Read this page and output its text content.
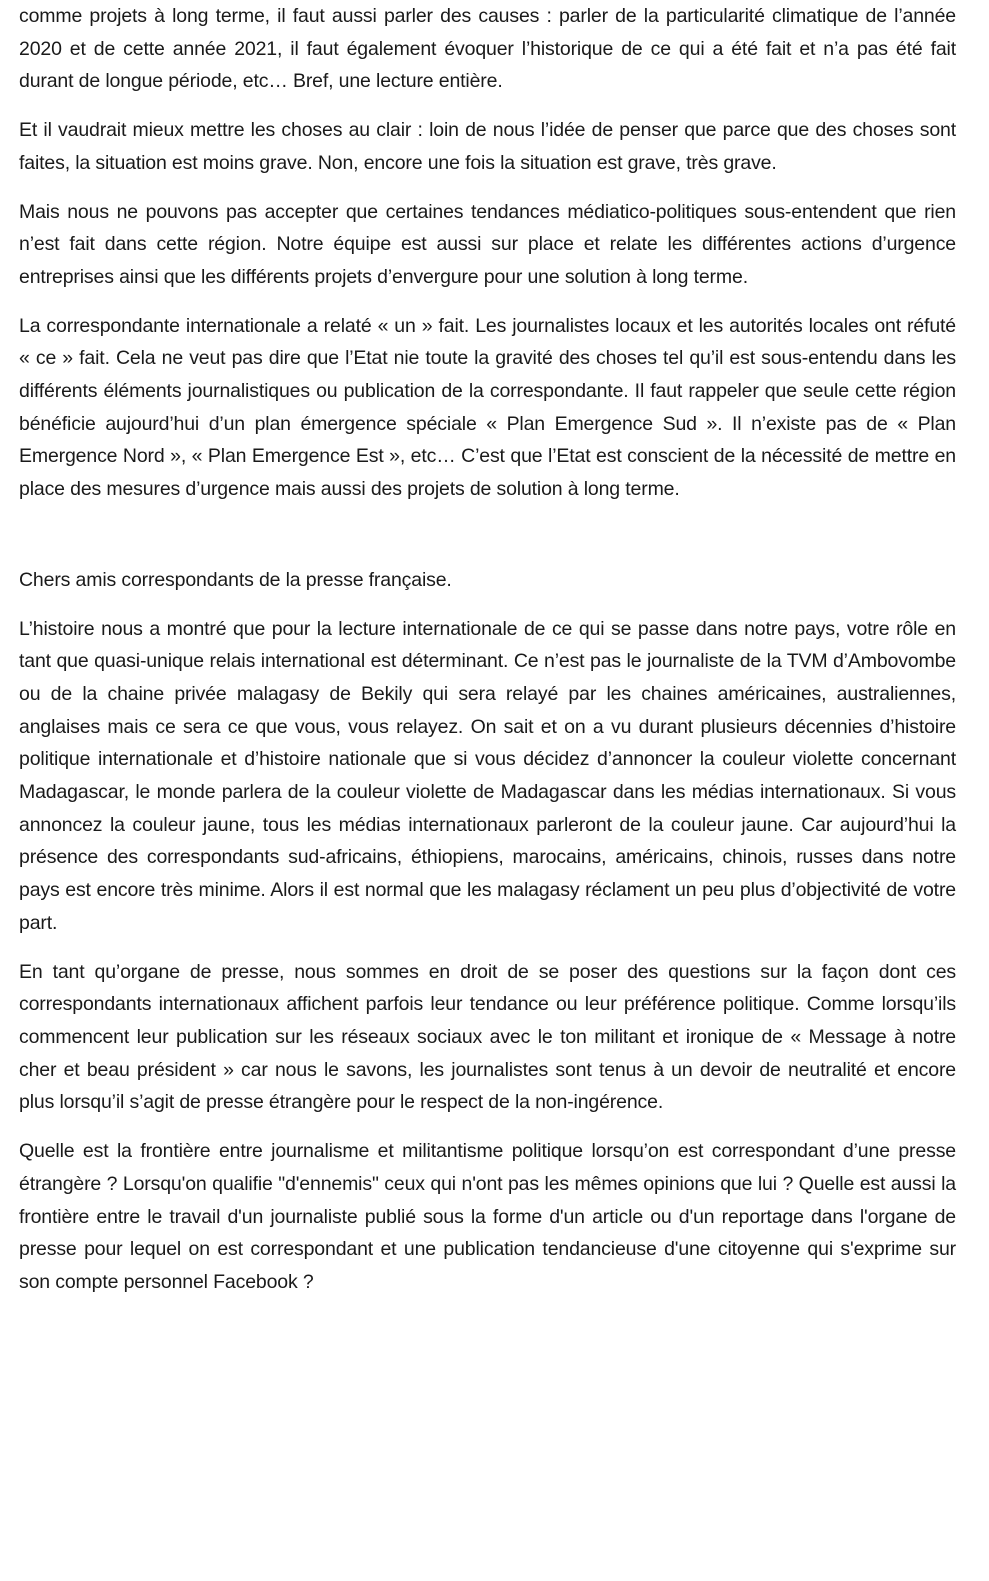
comme projets à long terme, il faut aussi parler des causes : parler de la particularité climatique de l’année 2020 et de cette année 2021, il faut également évoquer l’historique de ce qui a été fait et n’a pas été fait durant de longue période, etc… Bref, une lecture entière.

Et il vaudrait mieux mettre les choses au clair : loin de nous l’idée de penser que parce que des choses sont faites, la situation est moins grave. Non, encore une fois la situation est grave, très grave.

Mais nous ne pouvons pas accepter que certaines tendances médiatico-politiques sous-entendent que rien n’est fait dans cette région. Notre équipe est aussi sur place et relate les différentes actions d’urgence entreprises ainsi que les différents projets d’envergure pour une solution à long terme.

La correspondante internationale a relaté « un » fait. Les journalistes locaux et les autorités locales ont réfuté « ce » fait. Cela ne veut pas dire que l’Etat nie toute la gravité des choses tel qu’il est sous-entendu dans les différents éléments journalistiques ou publication de la correspondante. Il faut rappeler que seule cette région bénéficie aujourd’hui d’un plan émergence spéciale « Plan Emergence Sud ». Il n’existe pas de « Plan Emergence Nord », « Plan Emergence Est », etc… C’est que l’Etat est conscient de la nécessité de mettre en place des mesures d’urgence mais aussi des projets de solution à long terme.

Chers amis correspondants de la presse française.

L’histoire nous a montré que pour la lecture internationale de ce qui se passe dans notre pays, votre rôle en tant que quasi-unique relais international est déterminant. Ce n’est pas le journaliste de la TVM d’Ambovombe ou de la chaine privée malagasy de Bekily qui sera relayé par les chaines américaines, australiennes, anglaises mais ce sera ce que vous, vous relayez. On sait et on a vu durant plusieurs décennies d’histoire politique internationale et d’histoire nationale que si vous décidez d’annoncer la couleur violette concernant Madagascar, le monde parlera de la couleur violette de Madagascar dans les médias internationaux. Si vous annoncez la couleur jaune, tous les médias internationaux parleront de la couleur jaune. Car aujourd’hui la présence des correspondants sud-africains, éthiopiens, marocains, américains, chinois, russes dans notre pays est encore très minime. Alors il est normal que les malagasy réclament un peu plus d’objectivité de votre part.

En tant qu’organe de presse, nous sommes en droit de se poser des questions sur la façon dont ces correspondants internationaux affichent parfois leur tendance ou leur préférence politique. Comme lorsqu’ils commencent leur publication sur les réseaux sociaux avec le ton militant et ironique de « Message à notre cher et beau président » car nous le savons, les journalistes sont tenus à un devoir de neutralité et encore plus lorsqu’il s’agit de presse étrangère pour le respect de la non-ingérence.

Quelle est la frontière entre journalisme et militantisme politique lorsqu’on est correspondant d’une presse étrangère ? Lorsqu'on qualifie "d'ennemis" ceux qui n'ont pas les mêmes opinions que lui ? Quelle est aussi la frontière entre le travail d'un journaliste publié sous la forme d'un article ou d'un reportage dans l'organe de presse pour lequel on est correspondant et une publication tendancieuse d'une citoyenne qui s'exprime sur son compte personnel Facebook ?
